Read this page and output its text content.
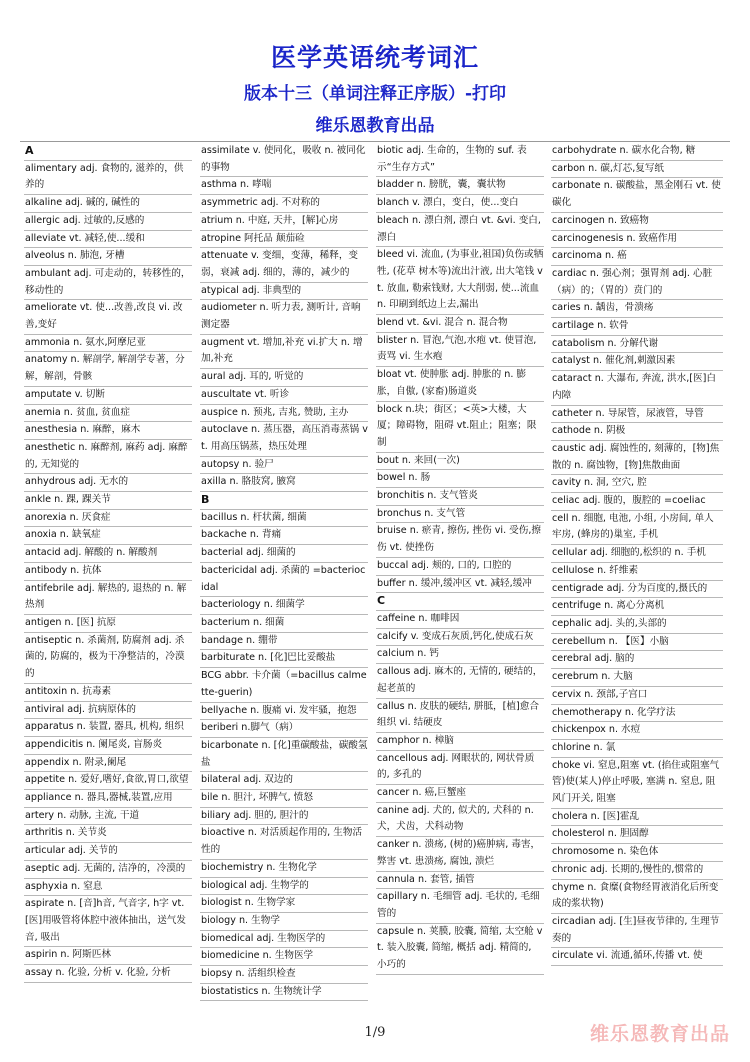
医学英语统考词汇
版本十三（单词注释正序版）-打印
维乐恩教育出品
A
alimentary adj. 食物的, 滋养的，供养的
alkaline adj. 碱的, 碱性的
allergic adj. 过敏的,反感的
alleviate vt. 减轻,使...缓和
alveolus n. 肺泡, 牙槽
ambulant adj. 可走动的，转移性的，移动性的
ameliorate vt. 使...改善,改良 vi. 改善,变好
ammonia n. 氨水,阿摩尼亚
anatomy n. 解剖学, 解剖学专著，分解，解剖，骨骸
amputate v. 切断
anemia n. 贫血, 贫血症
anesthesia n. 麻醉，麻木
anesthetic n. 麻醉剂, 麻药 adj. 麻醉的, 无知觉的
anhydrous adj. 无水的
ankle n. 踝, 踝关节
anorexia n. 厌食症
anoxia n. 缺氧症
antacid adj. 解酸的 n. 解酸剂
antibody n. 抗体
antifebrile adj. 解热的, 退热的 n. 解热剂
antigen n. [医] 抗原
antiseptic n. 杀菌剂, 防腐剂 adj. 杀菌的, 防腐的，极为干净整洁的，冷漠的
antitoxin n. 抗毒素
antiviral adj. 抗病原体的
apparatus n. 装置, 器具, 机构, 组织
appendicitis n. 阑尾炎, 盲肠炎
appendix n. 附录,阑尾
appetite n. 爱好,嗜好,食欲,胃口,欲望
appliance n. 器具,器械,装置,应用
artery n. 动脉, 主流, 干道
arthritis n. 关节炎
articular adj. 关节的
aseptic adj. 无菌的, 洁净的，冷漠的
asphyxia n. 窒息
aspirate n. [音]h音, 气音字, h字 vt. [医]用吸管将体腔中液体抽出，送气发音, 吸出
aspirin n. 阿斯匹林
assay n. 化验, 分析 v. 化验, 分析
assimilate v. 使同化，吸收 n. 被同化的事物
asthma n. 哮喘
asymmetric adj. 不对称的
atrium n. 中庭, 天井，[解]心房
atropine 阿托品 颠茄硷
attenuate v. 变细，变薄，稀释，变弱，衰减 adj. 细的，薄的，减少的
atypical adj. 非典型的
audiometer n. 听力表, 测听计, 音响测定器
augment vt. 增加,补充 vi.扩大 n. 增加,补充
aural adj. 耳的, 听觉的
auscultate vt. 听诊
auspice n. 预兆, 吉兆, 赞助, 主办
autoclave n. 蒸压器，高压消毒蒸锅 vt. 用高压锅蒸，热压处理
autopsy n. 验尸
axilla n. 胳肢窝, 腋窝
B
bacillus n. 杆状菌, 细菌
backache n. 背痛
bacterial adj. 细菌的
bactericidal adj. 杀菌的 =bacteriocidal
bacteriology n. 细菌学
bacterium n. 细菌
bandage n. 绷带
barbiturate n. [化]巴比妥酸盐
BCG abbr. 卡介菌（=bacillus calmette-guerin)
bellyache n. 腹痛 vi. 发牢骚，抱怨
beriberi n.脚气（病）
bicarbonate n. [化]重碳酸盐，碳酸氢盐
bilateral adj. 双边的
bile n. 胆汁, 坏脾气, 愤怒
biliary adj. 胆的, 胆汁的
bioactive n. 对活质起作用的, 生物活性的
biochemistry n. 生物化学
biological adj. 生物学的
biologist n. 生物学家
biology n. 生物学
biomedical adj. 生物医学的
biomedicine n. 生物医学
biopsy n. 活组织检查
biostatistics n. 生物统计学
biotic adj. 生命的，生物的 suf. 表示“生存方式”
bladder n. 膀胱，囊，囊状物
blanch v. 漂白，变白，使...变白
bleach n. 漂白剂, 漂白 vt. &vi. 变白, 漂白
bleed vi. 流血, (为事业,祖国)负伤或牺牲, (花草 树木等)流出汁液, 出大笔钱 vt. 放血, 勒索钱财, 大大削弱, 使...流血 n. 印刷到纸边上去,漏出
blend vt. &vi. 混合 n. 混合物
blister n. 冒泡,气泡,水疱 vt. 使冒泡,责骂 vi. 生水疱
bloat vt. 使肿胀 adj. 肿胀的 n. 膨胀，自傲, (家畜)肠道炎
block n.块；街区；<英>大楼，大厦；障碍物，阻碍 vt.阻止；阻塞；限制
bout n. 来回(一次)
bowel n. 肠
bronchitis n. 支气管炎
bronchus n. 支气管
bruise n. 瘀青, 擦伤, 挫伤 vi. 受伤,擦伤 vt. 使挫伤
buccal adj. 颊的, 口的, 口腔的
buffer n. 缓冲,缓冲区 vt. 减轻,缓冲
C
caffeine n. 咖啡因
calcify v. 变成石灰质,钙化,使成石灰
calcium n. 钙
callous adj. 麻木的, 无情的, 硬结的，起老茧的
callus n. 皮肤的硬结, 胼胝，[植]愈合组织 vi. 结硬皮
camphor n. 樟脑
cancellous adj. 网眼状的, 网状骨质的, 多孔的
cancer n. 癌,巨蟹座
canine adj. 犬的, 似犬的, 犬科的 n. 犬，犬齿，犬科动物
canker n. 溃疡, (树的)癌肿病, 毒害，弊害 vt. 患溃疡, 腐蚀, 溃烂
cannula n. 套管, 插管
capillary n. 毛细管 adj. 毛状的, 毛细管的
capsule n. 荚膜, 胶囊, 简缩, 太空舱 vt. 装入胶囊, 简缩, 概括 adj. 精简的, 小巧的
carbohydrate n. 碳水化合物, 糖
carbon n. 碳,灯芯,复写纸
carbonate n. 碳酸盐，黑金刚石 vt. 使碳化
carcinogen n. 致癌物
carcinogenesis n. 致癌作用
carcinoma n. 癌
cardiac n. 强心剂；强胃剂 adj. 心脏（病）的；（胃的）贲门的
caries n. 龋齿，骨溃疡
cartilage n. 软骨
catabolism n. 分解代谢
catalyst n. 催化剂,刺激因素
cataract n. 大瀑布, 奔流, 洪水,[医]白内障
catheter n. 导尿管，尿液管，导管
cathode n. 阴极
caustic adj. 腐蚀性的, 刻薄的，[物]焦散的 n. 腐蚀物，[物]焦散曲面
cavity n. 洞, 空穴, 腔
celiac adj. 腹的，腹腔的 =coeliac
cell n. 细胞, 电池, 小组, 小房间, 单人牢房, (蜂房的)巢室, 手机
cellular adj. 细胞的,松织的 n. 手机
cellulose n. 纤维素
centigrade adj. 分为百度的,摄氏的
centrifuge n. 离心分离机
cephalic adj. 头的,头部的
cerebellum n. 【医】小脑
cerebral adj. 脑的
cerebrum n. 大脑
cervix n. 颈部,子宫口
chemotherapy n. 化学疗法
chickenpox n. 水痘
chlorine n. 氯
choke vi. 窒息,阻塞 vt. (掐住或阻塞气管)使(某人)停止呼吸, 塞满 n. 窒息, 阻风门开关, 阻塞
cholera n. [医]霍乱
cholesterol n. 胆固醇
chromosome n. 染色体
chronic adj. 长期的,慢性的,惯常的
chyme n. 食糜(食物经胃液消化后所变成的浆状物)
circadian adj. [生]昼夜节律的, 生理节奏的
circulate vi. 流通,循环,传播 vt. 使
1/9	维乐恩教育出品
